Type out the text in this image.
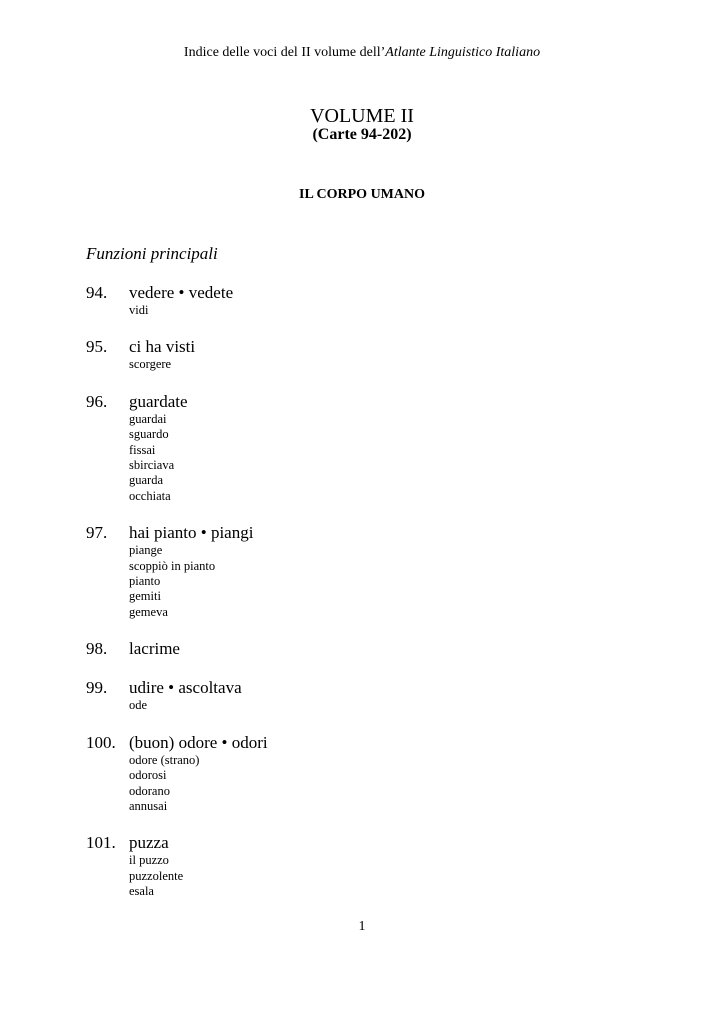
Indice delle voci del II volume dell’Atlante Linguistico Italiano
VOLUME II
(Carte 94-202)
IL CORPO UMANO
Funzioni principali
94.	vedere • vedete
vidi
95.	ci ha visti
scorgere
96.	guardate
guardai
sguardo
fissai
sbirciava
guarda
occhiata
97.	hai pianto • piangi
piange
scoppiò in pianto
pianto
gemiti
gemeva
98.	lacrime
99.	udire • ascoltava
ode
100. (buon) odore • odori
odore (strano)
odorosi
odorano
annusai
101. puzza
il puzzo
puzzolente
esala
1
